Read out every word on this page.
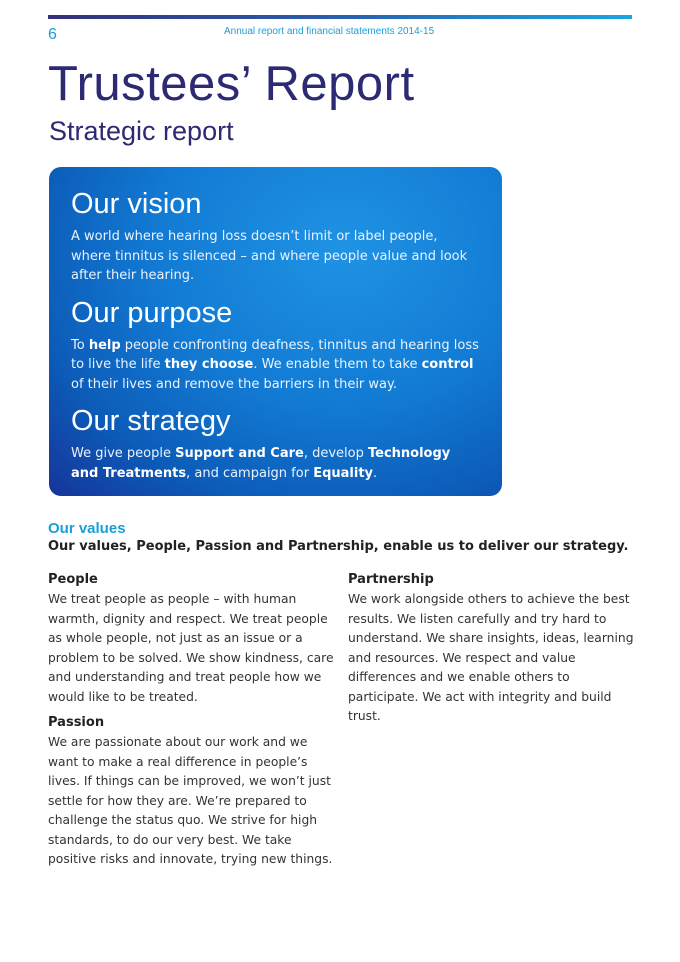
6	Annual report and financial statements 2014-15
Trustees’ Report
Strategic report
Our vision

A world where hearing loss doesn’t limit or label people, where tinnitus is silenced – and where people value and look after their hearing.

Our purpose

To help people confronting deafness, tinnitus and hearing loss to live the life they choose. We enable them to take control of their lives and remove the barriers in their way.

Our strategy

We give people Support and Care, develop Technology and Treatments, and campaign for Equality.

Our values

Our values, People, Passion and Partnership, enable us to deliver our strategy.

People

We treat people as people – with human warmth, dignity and respect. We treat people as whole people, not just as an issue or a problem to be solved. We show kindness, care and understanding and treat people how we would like to be treated.

Passion

We are passionate about our work and we want to make a real difference in people’s lives. If things can be improved, we won’t just settle for how they are. We’re prepared to challenge the status quo. We strive for high standards, to do our very best. We take positive risks and innovate, trying new things.

Partnership

We work alongside others to achieve the best results. We listen carefully and try hard to understand. We share insights, ideas, learning and resources. We respect and value differences and we enable others to participate. We act with integrity and build trust.
